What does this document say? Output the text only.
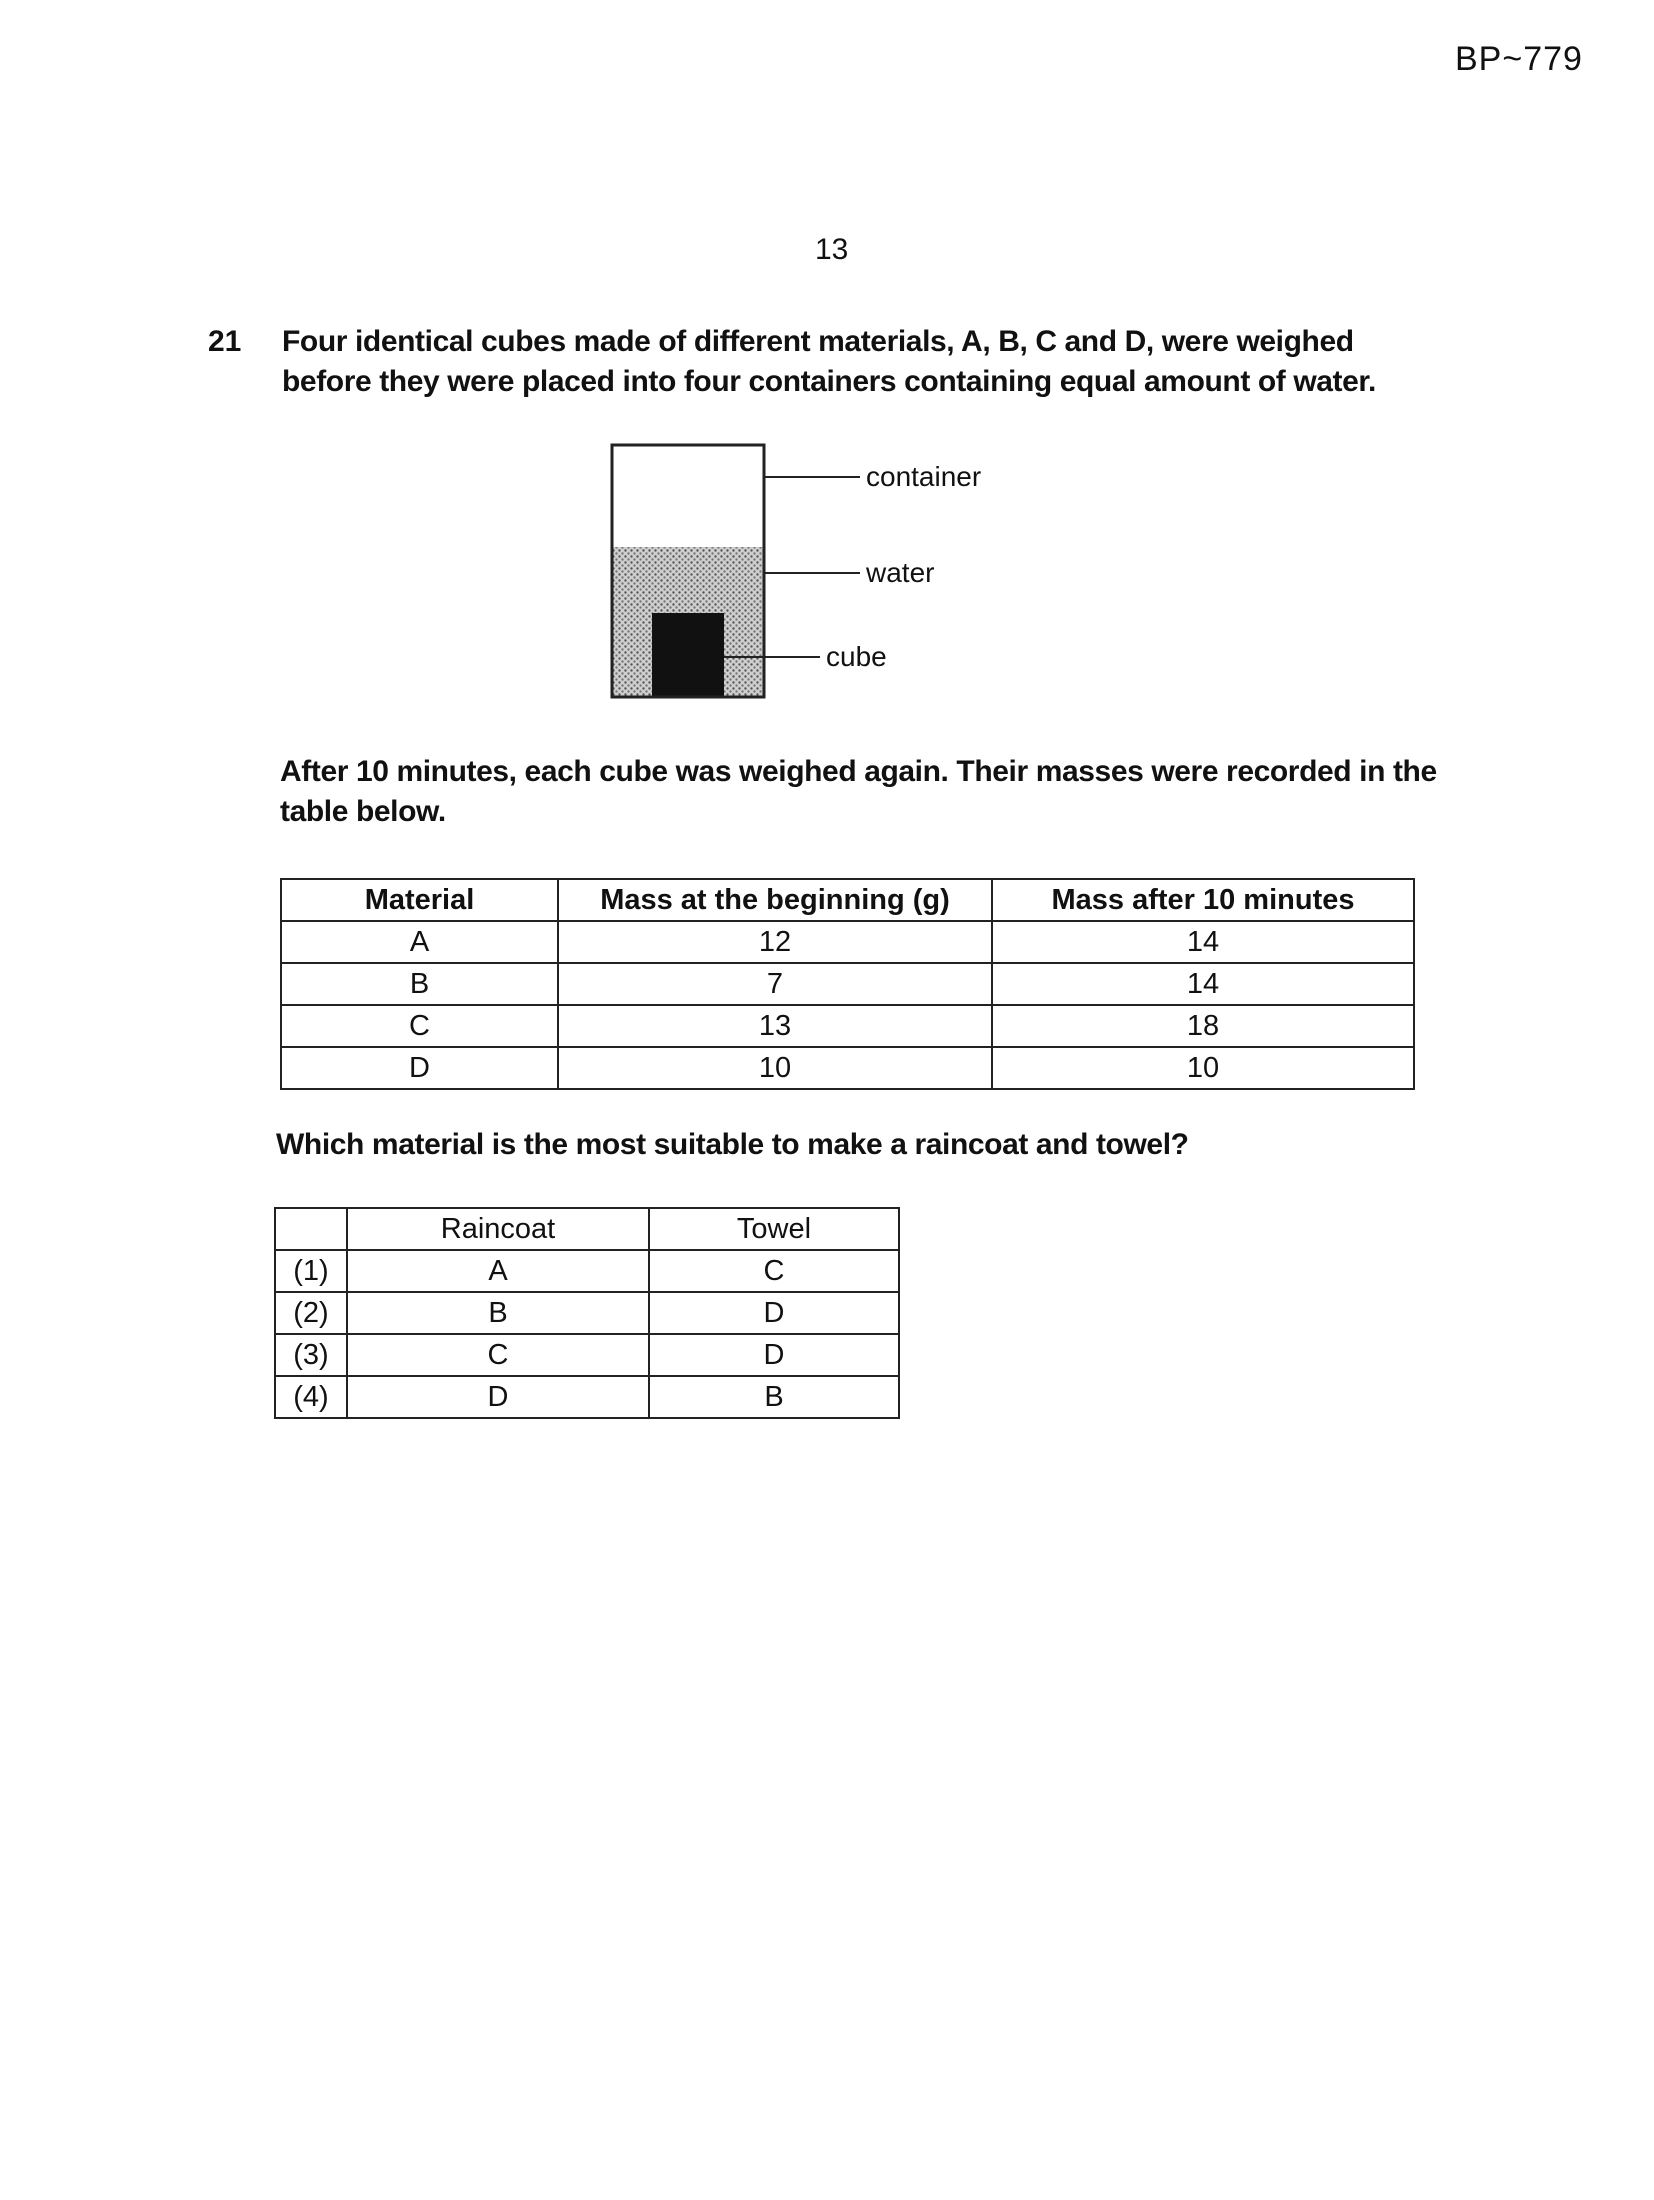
BP~779
13
21 Four identical cubes made of different materials, A, B, C and D, were weighed before they were placed into four containers containing equal amount of water.
container
water
cube
After 10 minutes, each cube was weighed again. Their masses were recorded in the table below.
Material	Mass at the beginning (g)	Mass after 10 minutes
A	12	14
B	7	14
C	13	18
D	10	10
Which material is the most suitable to make a raincoat and towel?
	Raincoat	Towel
(1)	A	C
(2)	B	D
(3)	C	D
(4)	D	B
